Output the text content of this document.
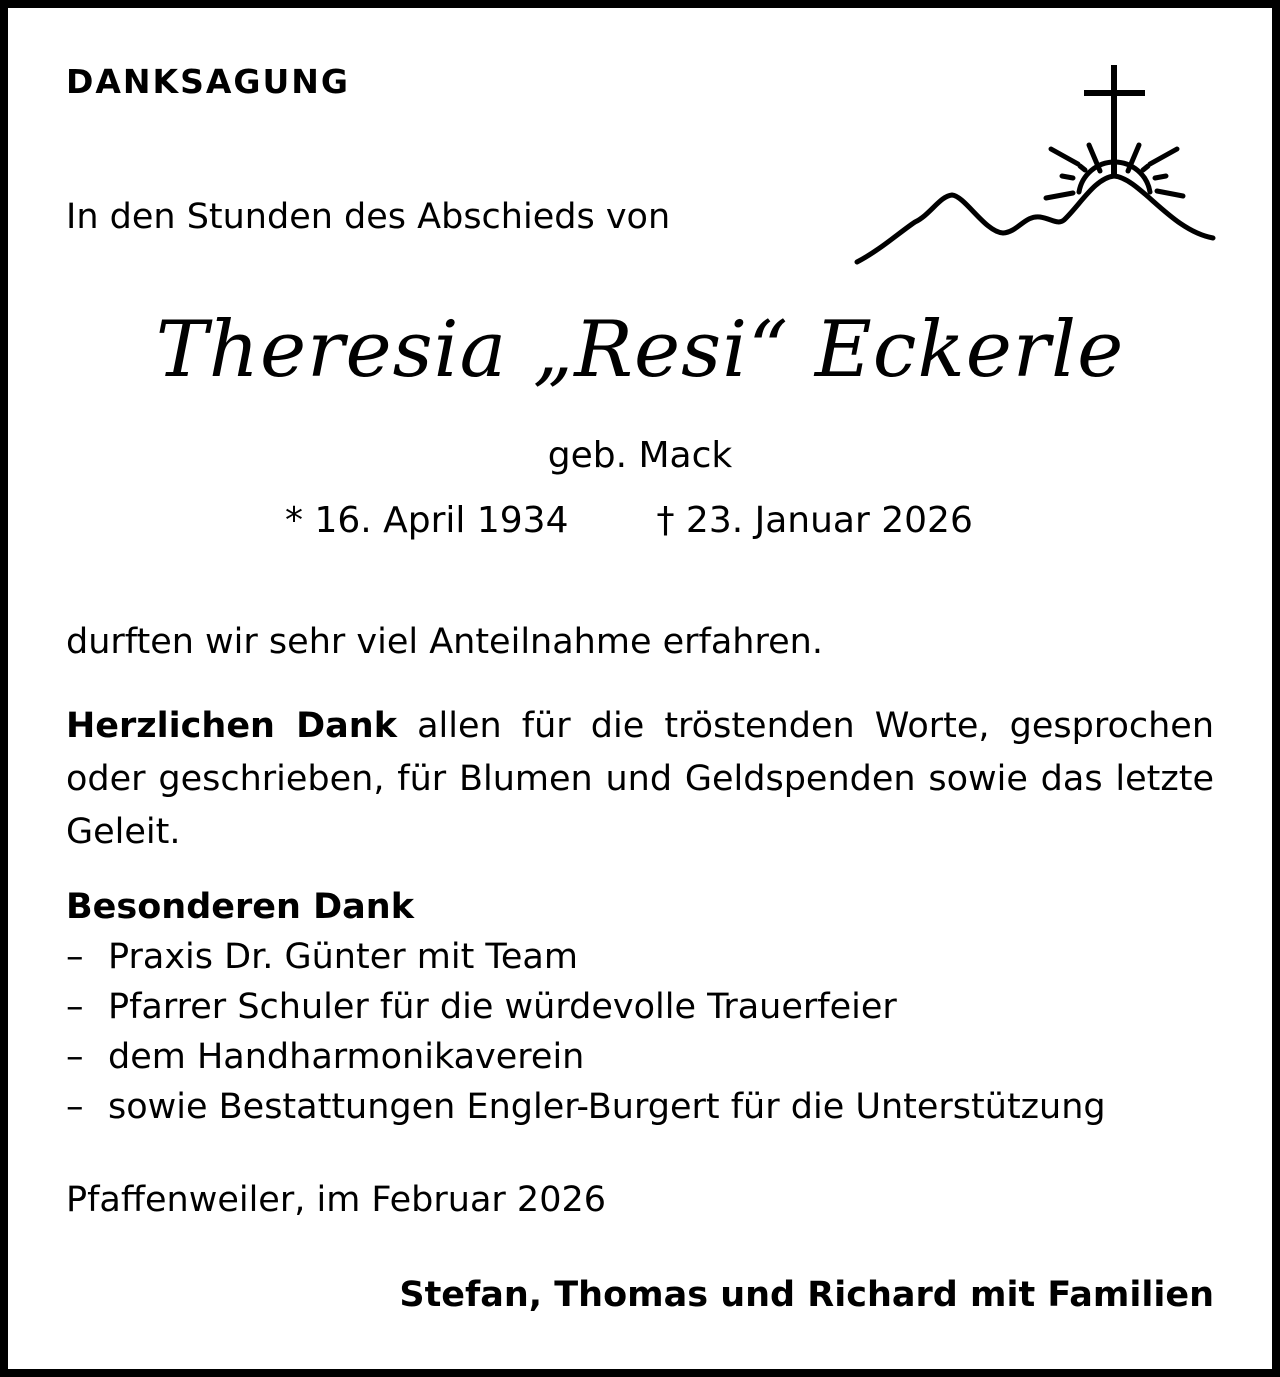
DANKSAGUNG
In den Stunden des Abschieds von
Theresia „Resi“ Eckerle
geb. Mack
* 16. April 1934 † 23. Januar 2026
durften wir sehr viel Anteilnahme erfahren.
Herzlichen Dank allen für die tröstenden Worte, gesprochen oder geschrieben, für Blumen und Geldspenden sowie das letzte Geleit.
Besonderen Dank
– Praxis Dr. Günter mit Team
– Pfarrer Schuler für die würdevolle Trauerfeier
– dem Handharmonikaverein
– sowie Bestattungen Engler-Burgert für die Unterstützung
Pfaffenweiler, im Februar 2026
Stefan, Thomas und Richard mit Familien
